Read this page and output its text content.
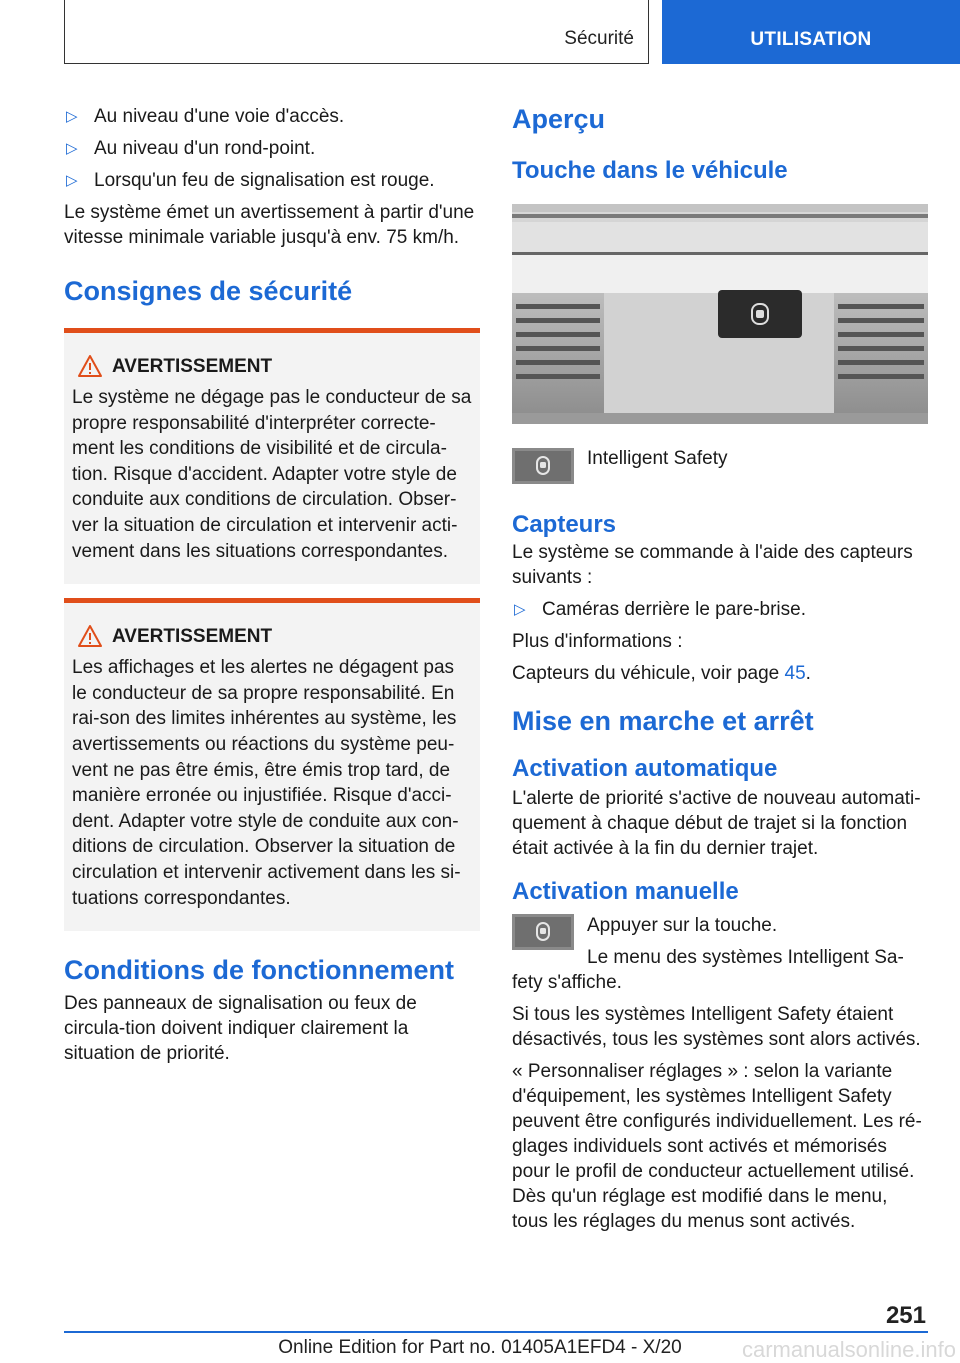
Sécurité	UTILISATION
▷ Au niveau d'une voie d'accès.
▷ Au niveau d'un rond-point.
▷ Lorsqu'un feu de signalisation est rouge.

Le système émet un avertissement à partir d'une vitesse minimale variable jusqu'à env. 75 km/h.

Consignes de sécurité
AVERTISSEMENT
Le système ne dégage pas le conducteur de sa propre responsabilité d'interpréter correcte‐ment les conditions de visibilité et de circula‐tion. Risque d'accident. Adapter votre style de conduite aux conditions de circulation. Obser‐ver la situation de circulation et intervenir acti‐vement dans les situations correspondantes.
AVERTISSEMENT
Les affichages et les alertes ne dégagent pas le conducteur de sa propre responsabilité. En rai‐son des limites inhérentes au système, les avertissements ou réactions du système peu‐vent ne pas être émis, être émis trop tard, de manière erronée ou injustifiée. Risque d'acci‐dent. Adapter votre style de conduite aux con‐ditions de circulation. Observer la situation de circulation et intervenir activement dans les si‐tuations correspondantes.
Conditions de fonctionnement

Des panneaux de signalisation ou feux de circula‐tion doivent indiquer clairement la situation de priorité.

Aperçu
Touche dans le véhicule
Intelligent Safety
Capteurs

Le système se commande à l'aide des capteurs suivants :

▷ Caméras derrière le pare-brise.

Plus d'informations :

Capteurs du véhicule, voir page 45.

Mise en marche et arrêt
Activation automatique

L'alerte de priorité s'active de nouveau automati‐quement à chaque début de trajet si la fonction était activée à la fin du dernier trajet.

Activation manuelle

Appuyer sur la touche.

Le menu des systèmes Intelligent Sa‐

fety s'affiche.

Si tous les systèmes Intelligent Safety étaient désactivés, tous les systèmes sont alors activés.

« Personnaliser réglages » : selon la variante d'équipement, les systèmes Intelligent Safety peuvent être configurés individuellement. Les ré‐glages individuels sont activés et mémorisés pour le profil de conducteur actuellement utilisé. Dès qu'un réglage est modifié dans le menu, tous les réglages du menus sont activés.

251
Online Edition for Part no. 01405A1EFD4 - X/20	carmanualsonline.info
